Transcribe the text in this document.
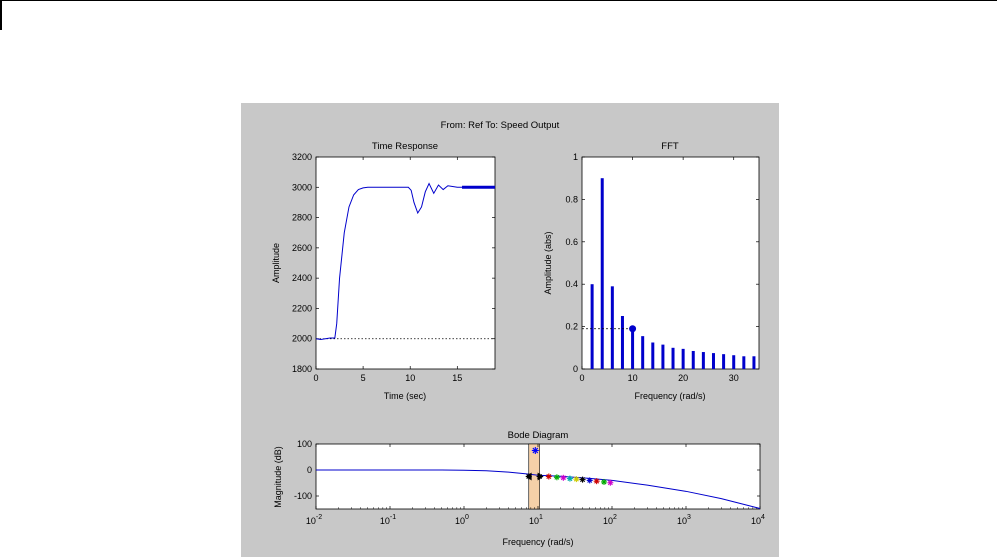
From: Ref To: Speed Output
Time Response
Time (sec)
Amplitude
0	5	10	15
1800
2000
2200
2400
2600
2800
3000
3200
FFT
Frequency (rad/s)
Amplitude (abs)
0	10	20	30
0
0.2
0.4
0.6
0.8
1
Bode Diagram
Frequency (rad/s)
Magnitude (dB)
$10^{-2}$	$10^{-1}$	$10^0$	$10^1$	$10^2$	$10^3$	$10^4$
-100
0
100
